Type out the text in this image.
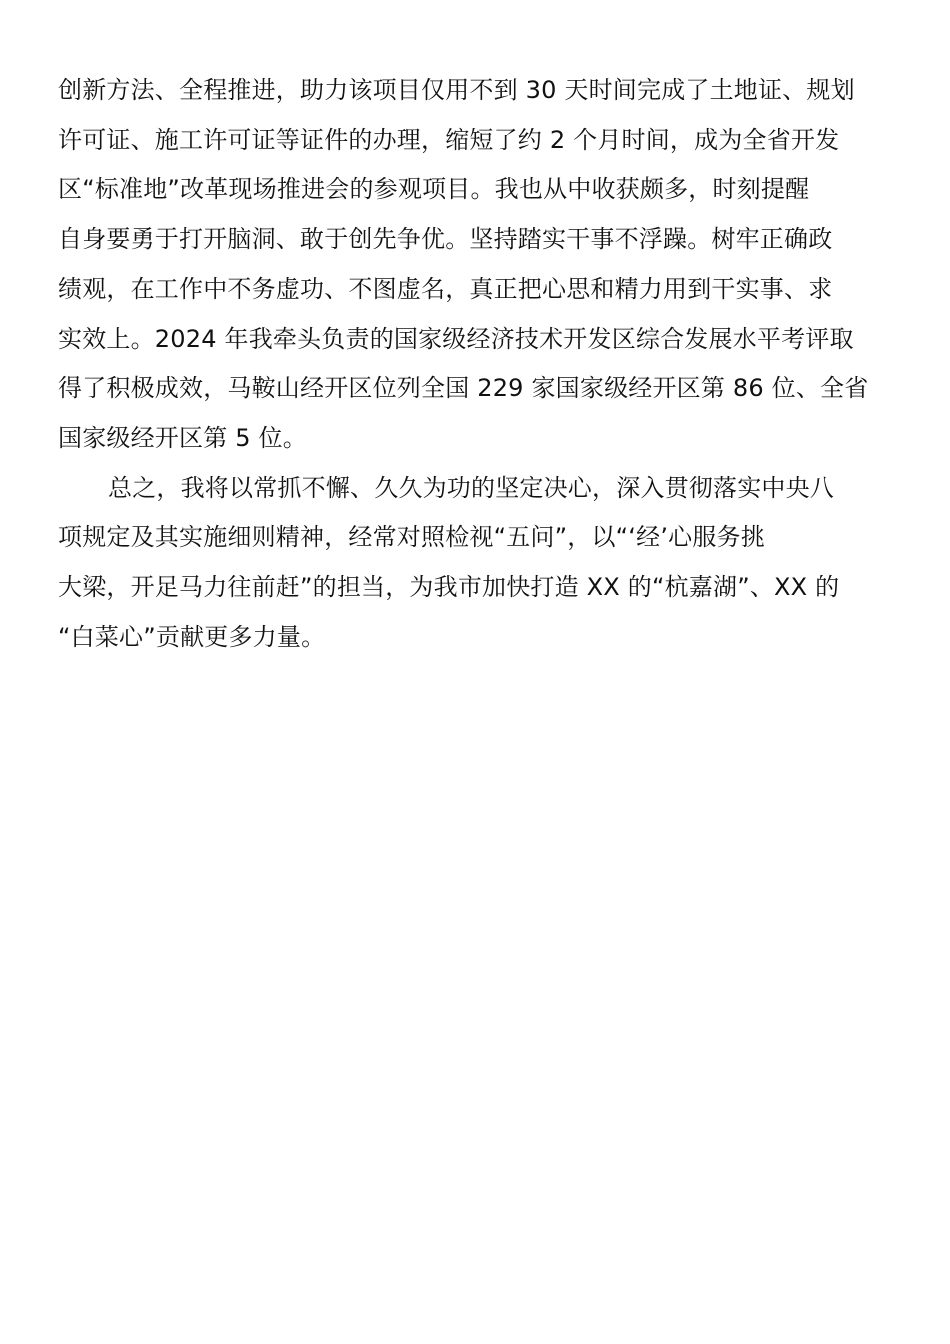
创新方法、全程推进，助力该项目仅用不到 30 天时间完成了土地证、规划
许可证、施工许可证等证件的办理，缩短了约 2 个月时间，成为全省开发
区“标准地”改革现场推进会的参观项目。我也从中收获颇多，时刻提醒
自身要勇于打开脑洞、敢于创先争优。坚持踏实干事不浮躁。树牢正确政
绩观，在工作中不务虚功、不图虚名，真正把心思和精力用到干实事、求
实效上。2024 年我牵头负责的国家级经济技术开发区综合发展水平考评取
得了积极成效，马鞍山经开区位列全国 229 家国家级经开区第 86 位、全省
国家级经开区第 5 位。
总之，我将以常抓不懈、久久为功的坚定决心，深入贯彻落实中央八
项规定及其实施细则精神，经常对照检视“五问”，以“‘经’心服务挑
大梁，开足马力往前赶”的担当，为我市加快打造 XX 的“杭嘉湖”、XX 的
“白菜心”贡献更多力量。
